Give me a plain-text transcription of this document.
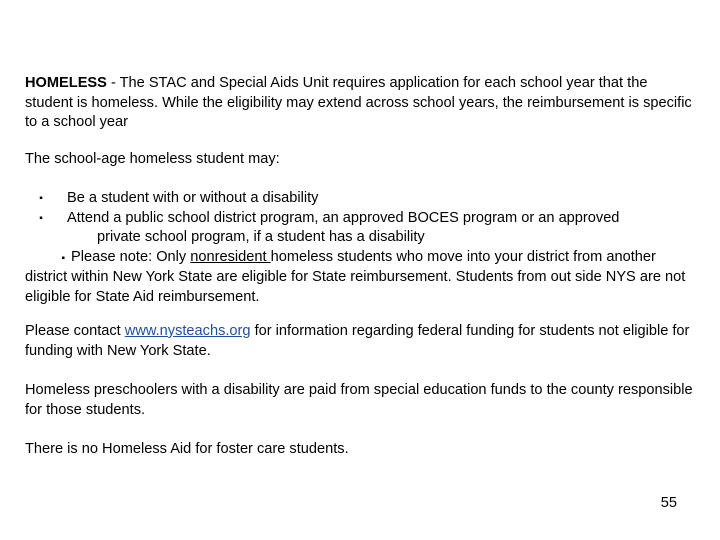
HOMELESS - The STAC and Special Aids Unit requires application for each school year that the student is homeless. While the eligibility may extend across school years, the reimbursement is specific to a school year

The school-age homeless student may:

▪	Be a student with or without a disability
▪	Attend a public school district program, an approved BOCES program or an approved
private school program, if a student has a disability
▪ Please note: Only nonresident homeless students who move into your district from another district within New York State are eligible for State reimbursement. Students from out side NYS are not eligible for State Aid reimbursement.

Please contact www.nysteachs.org for information regarding federal funding for students not eligible for funding with New York State.

Homeless preschoolers with a disability are paid from special education funds to the county responsible for those students.

There is no Homeless Aid for foster care students.

55
